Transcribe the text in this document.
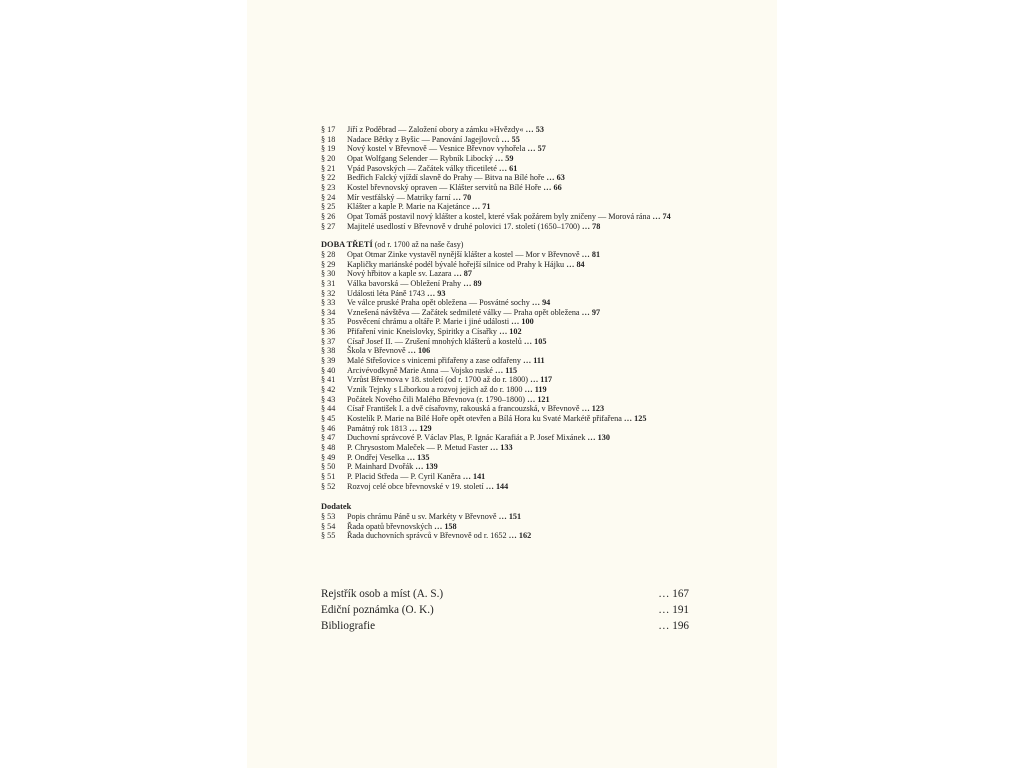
§ 17	Jiří z Poděbrad — Založení obory a zámku »Hvězdy« … 53
§ 18	Nadace Bětky z Byšic — Panování Jagejlovců … 55
§ 19	Nový kostel v Břevnově — Vesnice Břevnov vyhořela … 57
§ 20	Opat Wolfgang Selender — Rybník Libocký … 59
§ 21	Vpád Pasovských — Začátek války třicetileté … 61
§ 22	Bedřich Falcký vjíždí slavně do Prahy — Bitva na Bílé hoře … 63
§ 23	Kostel břevnovský opraven — Klášter servitů na Bílé Hoře … 66
§ 24	Mír vestfálský — Matriky farní … 70
§ 25	Klášter a kaple P. Marie na Kajetánce … 71
§ 26	Opat Tomáš postavil nový klášter a kostel, které však požárem byly zničeny — Morová rána … 74
§ 27	Majitelé usedlostí v Břevnově v druhé polovici 17. století (1650–1700) … 78
DOBA TŘETÍ (od r. 1700 až na naše časy)
§ 28	Opat Otmar Zinke vystavěl nynější klášter a kostel — Mor v Břevnově … 81
§ 29	Kapličky mariánské podél bývalé hořejší silnice od Prahy k Hájku … 84
§ 30	Nový hřbitov a kaple sv. Lazara … 87
§ 31	Válka bavorská — Obležení Prahy … 89
§ 32	Události léta Páně 1743 … 93
§ 33	Ve válce pruské Praha opět obležena — Posvátné sochy … 94
§ 34	Vznešená návštěva — Začátek sedmileté války — Praha opět obležena … 97
§ 35	Posvěcení chrámu a oltáře P. Marie i jiné události … 100
§ 36	Přifaření vinic Kneislovky, Spiritky a Císařky … 102
§ 37	Císař Josef II. — Zrušení mnohých klášterů a kostelů … 105
§ 38	Škola v Břevnově … 106
§ 39	Malé Střešovice s vinicemi přifařeny a zase odfařeny … 111
§ 40	Arcivévodkyně Marie Anna — Vojsko ruské … 115
§ 41	Vzrůst Břevnova v 18. století (od r. 1700 až do r. 1800) … 117
§ 42	Vznik Tejnky s Líborkou a rozvoj jejich až do r. 1800 … 119
§ 43	Počátek Nového čili Malého Břevnova (r. 1790–1800) … 121
§ 44	Císař František I. a dvě císařovny, rakouská a francouzská, v Břevnově … 123
§ 45	Kostelík P. Marie na Bílé Hoře opět otevřen a Bílá Hora ku Svaté Markétě přifařena … 125
§ 46	Památný rok 1813 … 129
§ 47	Duchovní správcové P. Václav Plas, P. Ignác Karafiát a P. Josef Mixánek … 130
§ 48	P. Chrysostom Maleček — P. Metud Faster … 133
§ 49	P. Ondřej Veselka … 135
§ 50	P. Mainhard Dvořák … 139
§ 51	P. Placid Středa — P. Cyril Kaněra … 141
§ 52	Rozvoj celé obce břevnovské v 19. století … 144
Dodatek
§ 53	Popis chrámu Páně u sv. Markéty v Břevnově … 151
§ 54	Řada opatů břevnovských … 158
§ 55	Řada duchovních správců v Břevnově od r. 1652 … 162
Rejstřík osob a míst (A. S.)	… 167
Ediční poznámka (O. K.)	… 191
Bibliografie	… 196
